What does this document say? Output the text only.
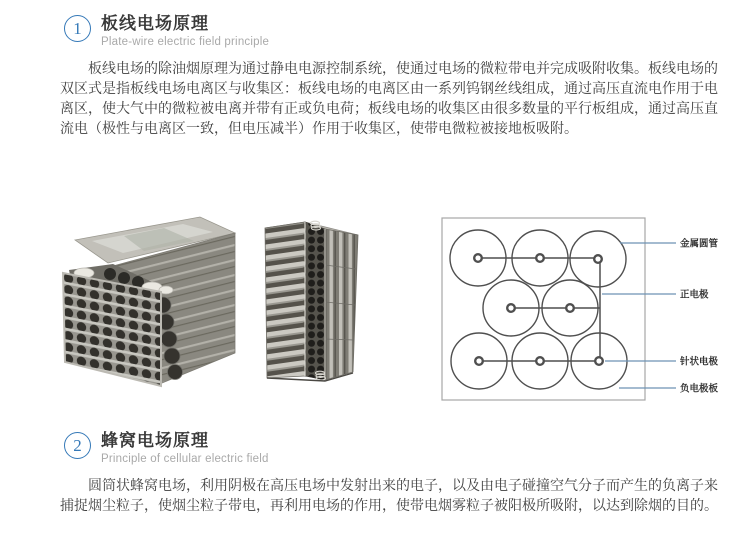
1	板线电场原理
Plate-wire electric field principle

板线电场的除油烟原理为通过静电电源控制系统，使通过电场的微粒带电并完成吸附收集。板线电场的双区式是指板线电场电离区与收集区：板线电场的电离区由一系列钨钢丝线组成，通过高压直流电作用于电离区，使大气中的微粒被电离并带有正或负电荷；板线电场的收集区由很多数量的平行板组成，通过高压直流电（极性与电离区一致，但电压减半）作用于收集区，使带电微粒被接地板吸附。

金属圆管
正电极
针状电极
负电极板
2	蜂窝电场原理
Principle of cellular electric field

圆筒状蜂窝电场，利用阴极在高压电场中发射出来的电子，以及由电子碰撞空气分子而产生的负离子来捕捉烟尘粒子，使烟尘粒子带电，再利用电场的作用，使带电烟雾粒子被阳极所吸附，以达到除烟的目的。
